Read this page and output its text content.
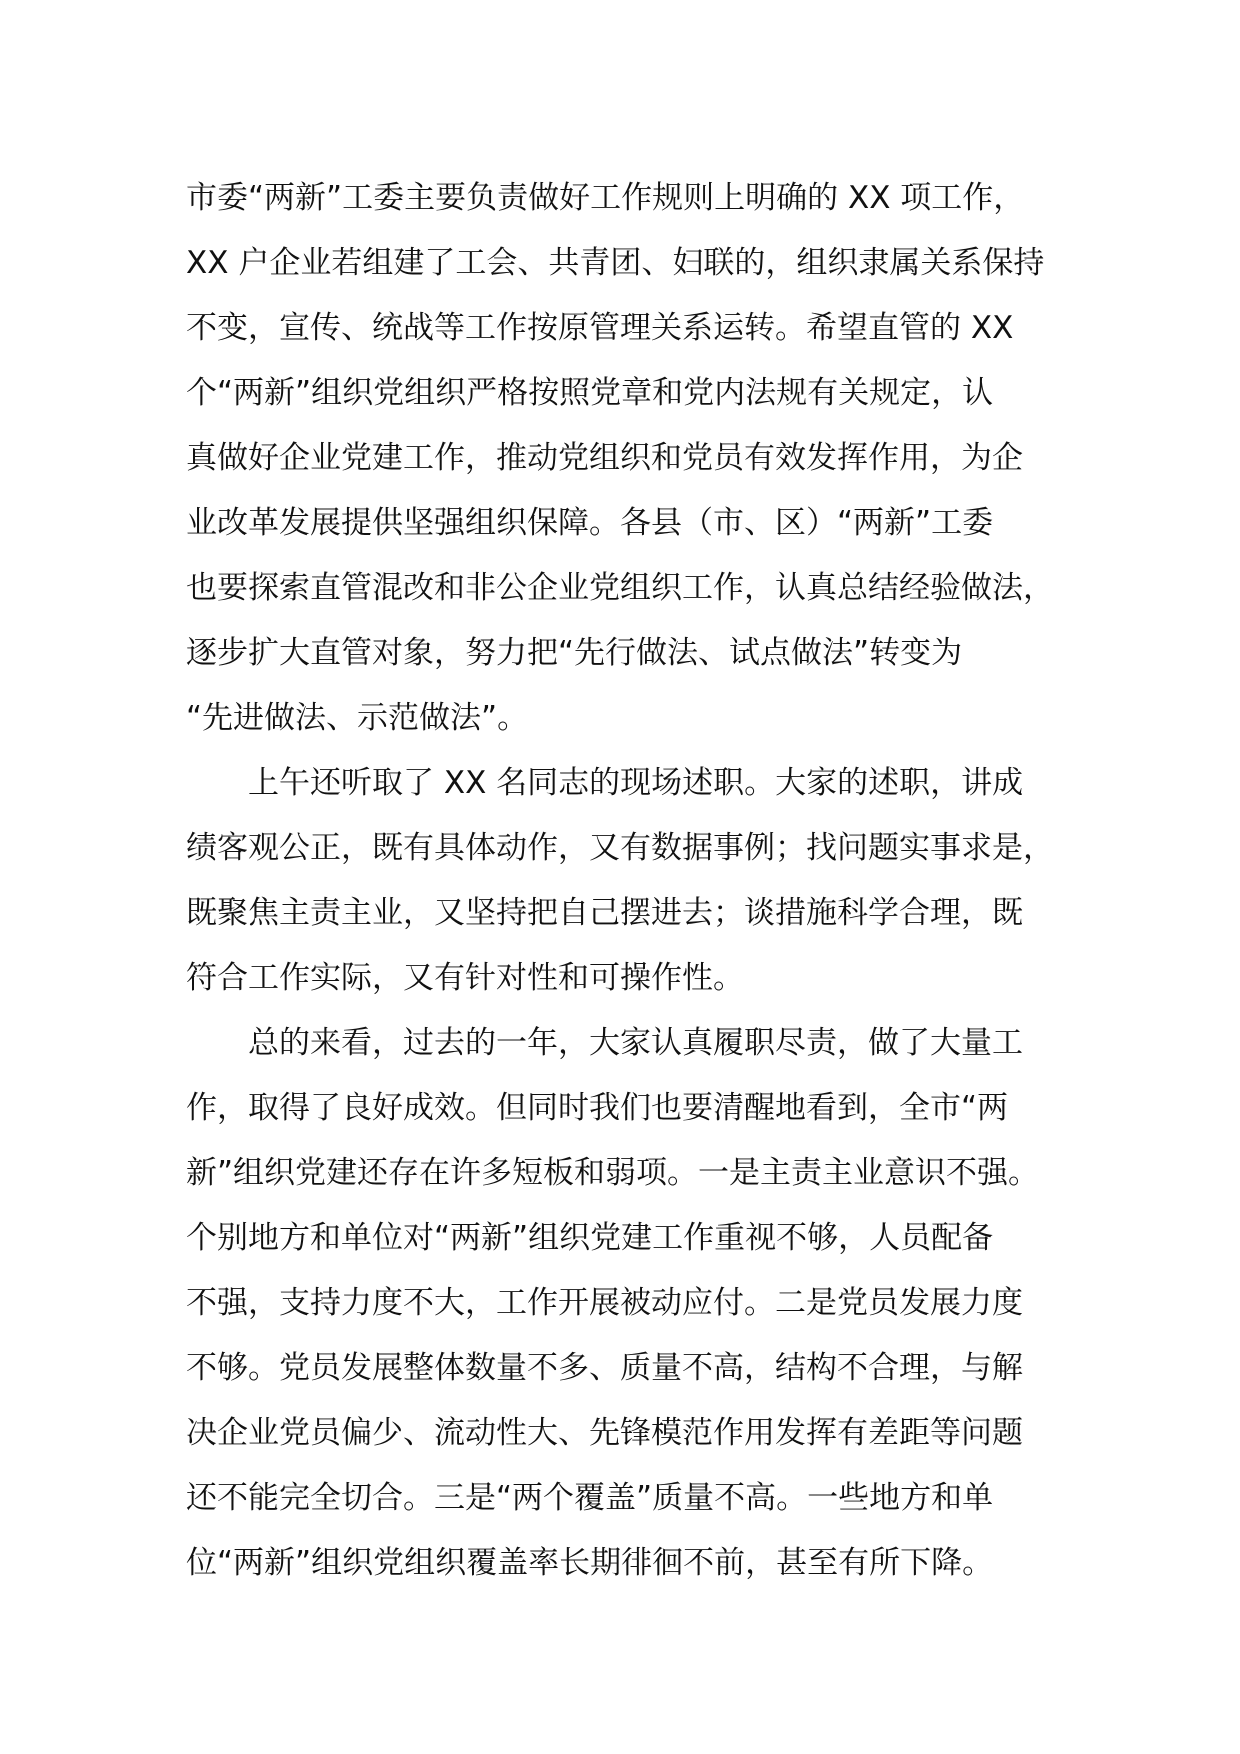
市委“两新”工委主要负责做好工作规则上明确的 XX 项工作，
XX 户企业若组建了工会、共青团、妇联的，组织隶属关系保持
不变，宣传、统战等工作按原管理关系运转。希望直管的 XX
个“两新”组织党组织严格按照党章和党内法规有关规定，认
真做好企业党建工作，推动党组织和党员有效发挥作用，为企
业改革发展提供坚强组织保障。各县（市、区）“两新”工委
也要探索直管混改和非公企业党组织工作，认真总结经验做法，
逐步扩大直管对象，努力把“先行做法、试点做法”转变为
“先进做法、示范做法”。
上午还听取了 XX 名同志的现场述职。大家的述职，讲成
绩客观公正，既有具体动作，又有数据事例；找问题实事求是，
既聚焦主责主业，又坚持把自己摆进去；谈措施科学合理，既
符合工作实际，又有针对性和可操作性。
总的来看，过去的一年，大家认真履职尽责，做了大量工
作，取得了良好成效。但同时我们也要清醒地看到，全市“两
新”组织党建还存在许多短板和弱项。一是主责主业意识不强。
个别地方和单位对“两新”组织党建工作重视不够，人员配备
不强，支持力度不大，工作开展被动应付。二是党员发展力度
不够。党员发展整体数量不多、质量不高，结构不合理，与解
决企业党员偏少、流动性大、先锋模范作用发挥有差距等问题
还不能完全切合。三是“两个覆盖”质量不高。一些地方和单
位“两新”组织党组织覆盖率长期徘徊不前，甚至有所下降。
